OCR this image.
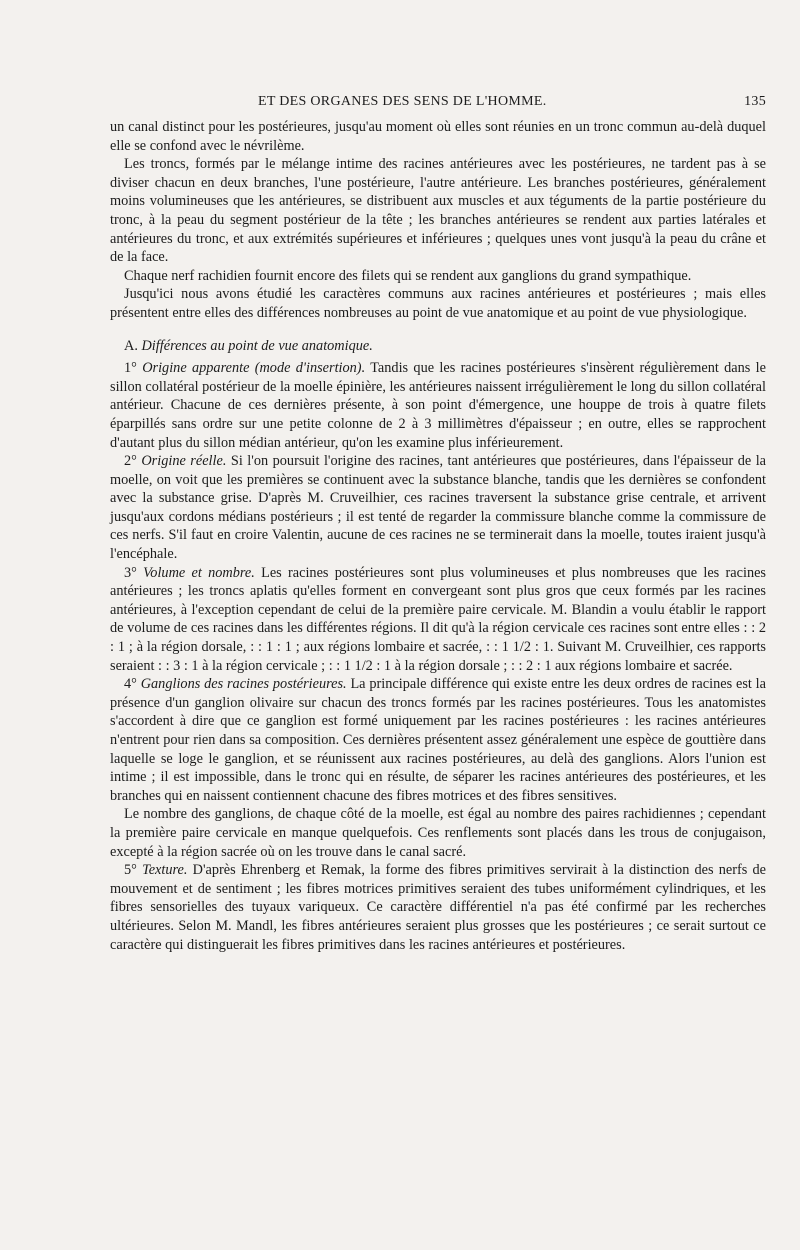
ET DES ORGANES DES SENS DE L'HOMME.	135

un canal distinct pour les postérieures, jusqu'au moment où elles sont réunies en un tronc commun au-delà duquel elle se confond avec le névrilème.

Les troncs, formés par le mélange intime des racines antérieures avec les postérieures, ne tardent pas à se diviser chacun en deux branches, l'une postérieure, l'autre antérieure. Les branches postérieures, généralement moins volumineuses que les antérieures, se distribuent aux muscles et aux téguments de la partie postérieure du tronc, à la peau du segment postérieur de la tête ; les branches antérieures se rendent aux parties latérales et antérieures du tronc, et aux extrémités supérieures et inférieures ; quelques unes vont jusqu'à la peau du crâne et de la face.

Chaque nerf rachidien fournit encore des filets qui se rendent aux ganglions du grand sympathique.

Jusqu'ici nous avons étudié les caractères communs aux racines antérieures et postérieures ; mais elles présentent entre elles des différences nombreuses au point de vue anatomique et au point de vue physiologique.

A. Différences au point de vue anatomique.

1° Origine apparente (mode d'insertion). Tandis que les racines postérieures s'insèrent régulièrement dans le sillon collatéral postérieur de la moelle épinière, les antérieures naissent irrégulièrement le long du sillon collatéral antérieur. Chacune de ces dernières présente, à son point d'émergence, une houppe de trois à quatre filets éparpillés sans ordre sur une petite colonne de 2 à 3 millimètres d'épaisseur ; en outre, elles se rapprochent d'autant plus du sillon médian antérieur, qu'on les examine plus inférieurement.

2° Origine réelle. Si l'on poursuit l'origine des racines, tant antérieures que postérieures, dans l'épaisseur de la moelle, on voit que les premières se continuent avec la substance blanche, tandis que les dernières se confondent avec la substance grise. D'après M. Cruveilhier, ces racines traversent la substance grise centrale, et arrivent jusqu'aux cordons médians postérieurs ; il est tenté de regarder la commissure blanche comme la commissure de ces nerfs. S'il faut en croire Valentin, aucune de ces racines ne se terminerait dans la moelle, toutes iraient jusqu'à l'encéphale.

3° Volume et nombre. Les racines postérieures sont plus volumineuses et plus nombreuses que les racines antérieures ; les troncs aplatis qu'elles forment en convergeant sont plus gros que ceux formés par les racines antérieures, à l'exception cependant de celui de la première paire cervicale. M. Blandin a voulu établir le rapport de volume de ces racines dans les différentes régions. Il dit qu'à la région cervicale ces racines sont entre elles : : 2 : 1 ; à la région dorsale, : : 1 : 1 ; aux régions lombaire et sacrée, : : 1 1/2 : 1. Suivant M. Cruveilhier, ces rapports seraient : : 3 : 1 à la région cervicale ; : : 1 1/2 : 1 à la région dorsale ; : : 2 : 1 aux régions lombaire et sacrée.

4° Ganglions des racines postérieures. La principale différence qui existe entre les deux ordres de racines est la présence d'un ganglion olivaire sur chacun des troncs formés par les racines postérieures. Tous les anatomistes s'accordent à dire que ce ganglion est formé uniquement par les racines postérieures : les racines antérieures n'entrent pour rien dans sa composition. Ces dernières présentent assez généralement une espèce de gouttière dans laquelle se loge le ganglion, et se réunissent aux racines postérieures, au delà des ganglions. Alors l'union est intime ; il est impossible, dans le tronc qui en résulte, de séparer les racines antérieures des postérieures, et les branches qui en naissent contiennent chacune des fibres motrices et des fibres sensitives.

Le nombre des ganglions, de chaque côté de la moelle, est égal au nombre des paires rachidiennes ; cependant la première paire cervicale en manque quelquefois. Ces renflements sont placés dans les trous de conjugaison, excepté à la région sacrée où on les trouve dans le canal sacré.

5° Texture. D'après Ehrenberg et Remak, la forme des fibres primitives servirait à la distinction des nerfs de mouvement et de sentiment ; les fibres motrices primitives seraient des tubes uniformément cylindriques, et les fibres sensorielles des tuyaux variqueux. Ce caractère différentiel n'a pas été confirmé par les recherches ultérieures. Selon M. Mandl, les fibres antérieures seraient plus grosses que les postérieures ; ce serait surtout ce caractère qui distinguerait les fibres primitives dans les racines antérieures et postérieures.
